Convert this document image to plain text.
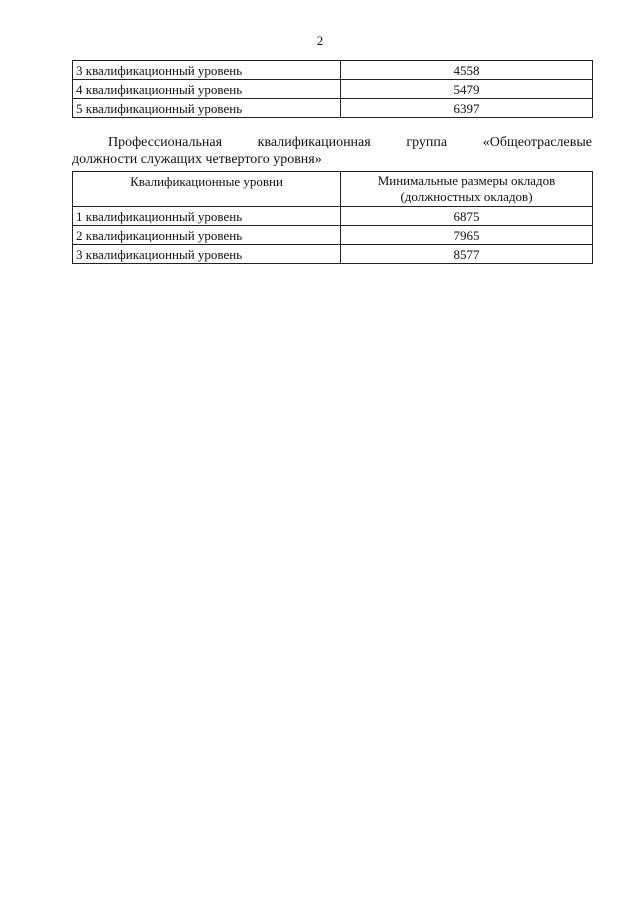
2
3 квалификационный уровень	4558
4 квалификационный уровень	5479
5 квалификационный уровень	6397
Профессиональная	квалификационная	группа	«Общеотраслевые
должности служащих четвертого уровня»
Квалификационные уровни	Минимальные размеры окладов
(должностных окладов)

1 квалификационный уровень	6875
2 квалификационный уровень	7965
3 квалификационный уровень	8577
